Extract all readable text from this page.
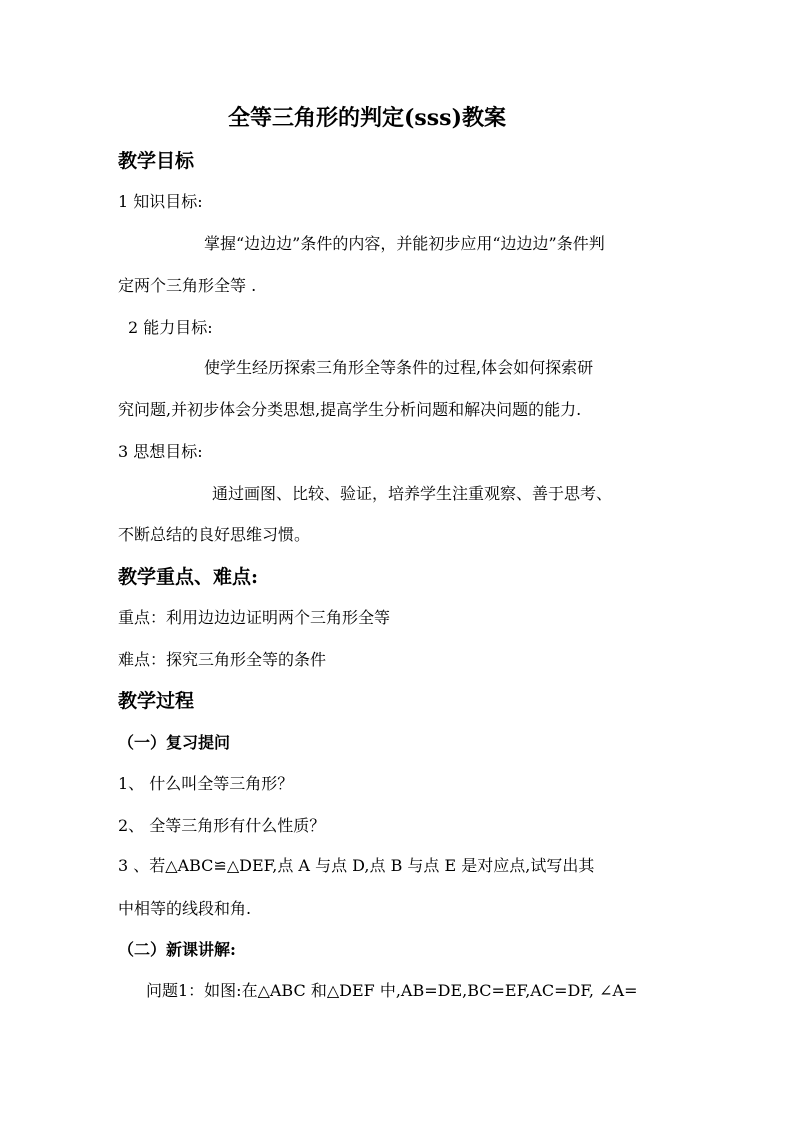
全等三角形的判定(sss)教案
教学目标
1 知识目标:
掌握“边边边”条件的内容，并能初步应用“边边边”条件判
定两个三角形全等 .
2 能力目标:
使学生经历探索三角形全等条件的过程,体会如何探索研
究问题,并初步体会分类思想,提高学生分析问题和解决问题的能力.
3 思想目标:
通过画图、比较、验证，培养学生注重观察、善于思考、
不断总结的良好思维习惯。
教学重点、难点:
重点：利用边边边证明两个三角形全等
难点：探究三角形全等的条件
教学过程
（一）复习提问
1、 什么叫全等三角形？
2、 全等三角形有什么性质？
3 、若△ABC≌△DEF,点 A 与点 D,点 B 与点 E 是对应点,试写出其
中相等的线段和角.
（二）新课讲解:
问题1：如图:在△ABC 和△DEF 中,AB=DE,BC=EF,AC=DF, ∠A=
